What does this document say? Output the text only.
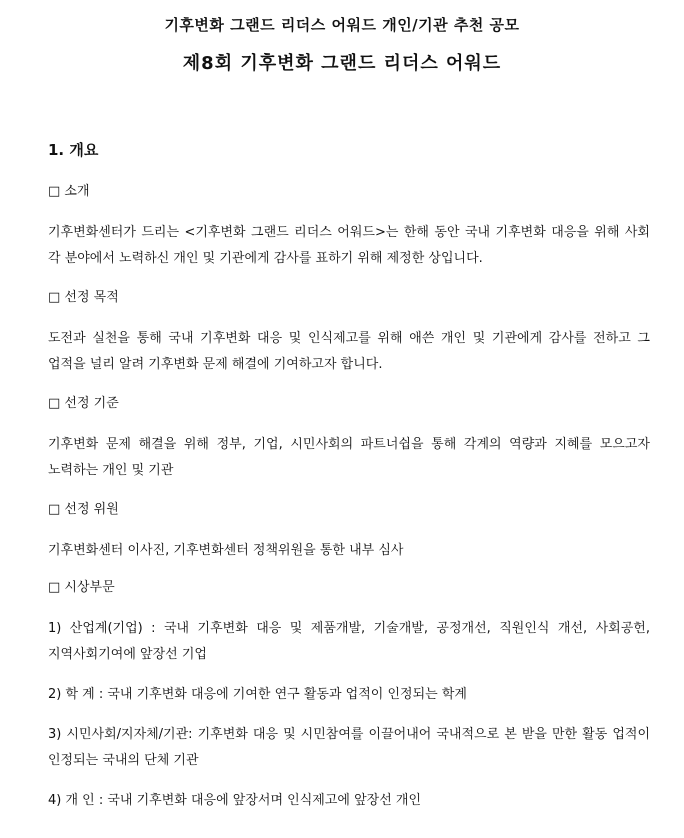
기후변화 그랜드 리더스 어워드 개인/기관 추천 공모
제8회 기후변화 그랜드 리더스 어워드
1. 개요
□ 소개
기후변화센터가 드리는 <기후변화 그랜드 리더스 어워드>는 한해 동안 국내 기후변화 대응을 위해 사회 각 분야에서 노력하신 개인 및 기관에게 감사를 표하기 위해 제정한 상입니다.
□ 선정 목적
도전과 실천을 통해 국내 기후변화 대응 및 인식제고를 위해 애쓴 개인 및 기관에게 감사를 전하고 그 업적을 널리 알려 기후변화 문제 해결에 기여하고자 합니다.
□ 선정 기준
기후변화 문제 해결을 위해 정부, 기업, 시민사회의 파트너쉽을 통해 각계의 역량과 지혜를 모으고자 노력하는 개인 및 기관
□ 선정 위원
기후변화센터 이사진, 기후변화센터 정책위원을 통한 내부 심사
□ 시상부문
1) 산업계(기업) : 국내 기후변화 대응 및 제품개발, 기술개발, 공정개선, 직원인식 개선, 사회공헌, 지역사회기여에 앞장선 기업
2) 학 계 : 국내 기후변화 대응에 기여한 연구 활동과 업적이 인정되는 학계
3) 시민사회/지자체/기관: 기후변화 대응 및 시민참여를 이끌어내어 국내적으로 본 받을 만한 활동 업적이 인정되는 국내의 단체 기관
4) 개 인 : 국내 기후변화 대응에 앞장서며 인식제고에 앞장선 개인
